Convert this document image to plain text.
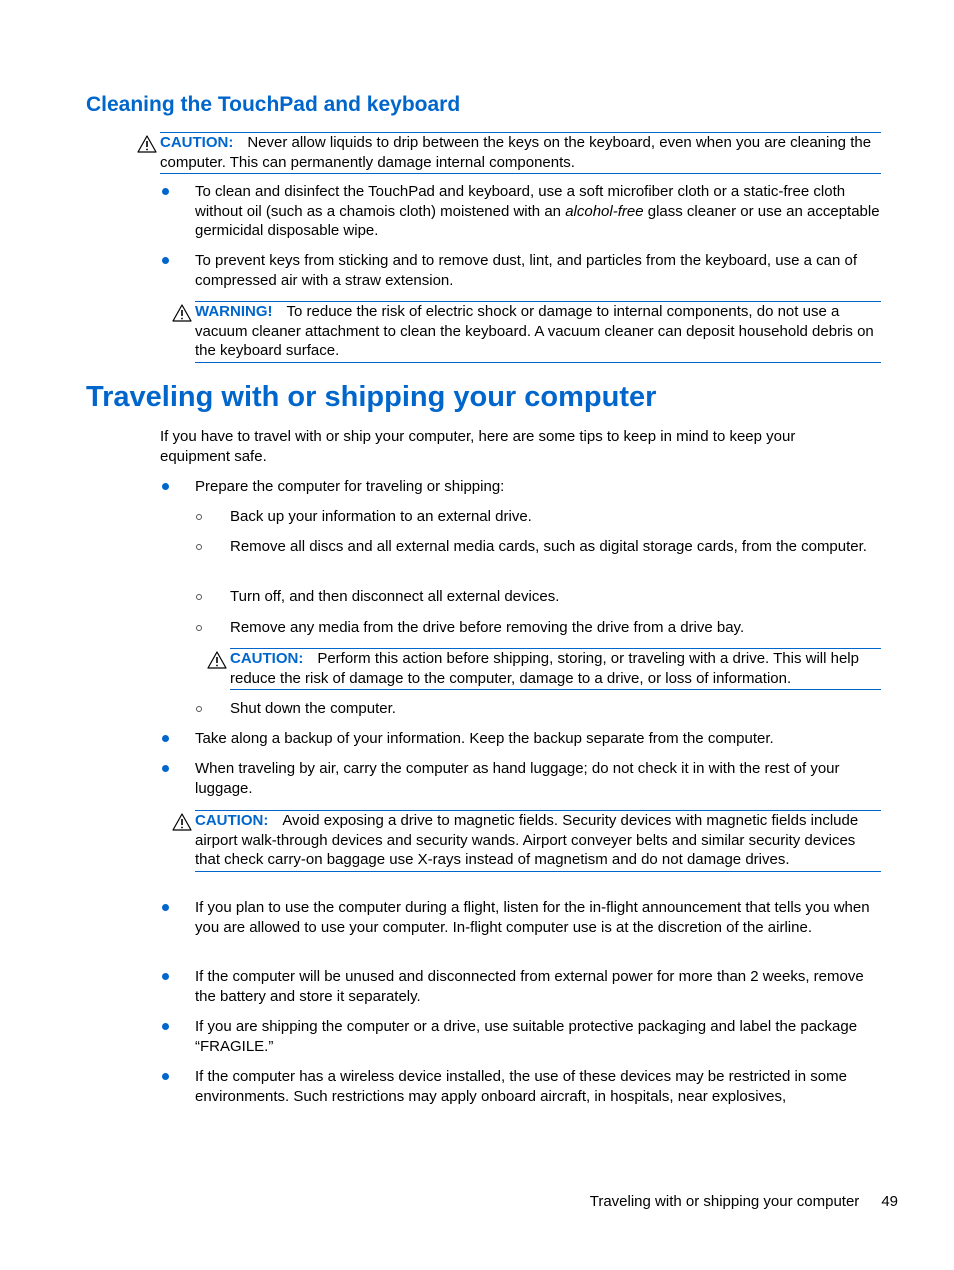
Cleaning the TouchPad and keyboard
CAUTION: Never allow liquids to drip between the keys on the keyboard, even when you are cleaning the computer. This can permanently damage internal components.
To clean and disinfect the TouchPad and keyboard, use a soft microfiber cloth or a static-free cloth without oil (such as a chamois cloth) moistened with an alcohol-free glass cleaner or use an acceptable germicidal disposable wipe.
To prevent keys from sticking and to remove dust, lint, and particles from the keyboard, use a can of compressed air with a straw extension.
WARNING! To reduce the risk of electric shock or damage to internal components, do not use a vacuum cleaner attachment to clean the keyboard. A vacuum cleaner can deposit household debris on the keyboard surface.
Traveling with or shipping your computer
If you have to travel with or ship your computer, here are some tips to keep in mind to keep your equipment safe.
Prepare the computer for traveling or shipping:
Back up your information to an external drive.
Remove all discs and all external media cards, such as digital storage cards, from the computer.
Turn off, and then disconnect all external devices.
Remove any media from the drive before removing the drive from a drive bay.
CAUTION: Perform this action before shipping, storing, or traveling with a drive. This will help reduce the risk of damage to the computer, damage to a drive, or loss of information.
Shut down the computer.
Take along a backup of your information. Keep the backup separate from the computer.
When traveling by air, carry the computer as hand luggage; do not check it in with the rest of your luggage.
CAUTION: Avoid exposing a drive to magnetic fields. Security devices with magnetic fields include airport walk-through devices and security wands. Airport conveyer belts and similar security devices that check carry-on baggage use X-rays instead of magnetism and do not damage drives.
If you plan to use the computer during a flight, listen for the in-flight announcement that tells you when you are allowed to use your computer. In-flight computer use is at the discretion of the airline.
If the computer will be unused and disconnected from external power for more than 2 weeks, remove the battery and store it separately.
If you are shipping the computer or a drive, use suitable protective packaging and label the package “FRAGILE.”
If the computer has a wireless device installed, the use of these devices may be restricted in some environments. Such restrictions may apply onboard aircraft, in hospitals, near explosives,
Traveling with or shipping your computer 49
